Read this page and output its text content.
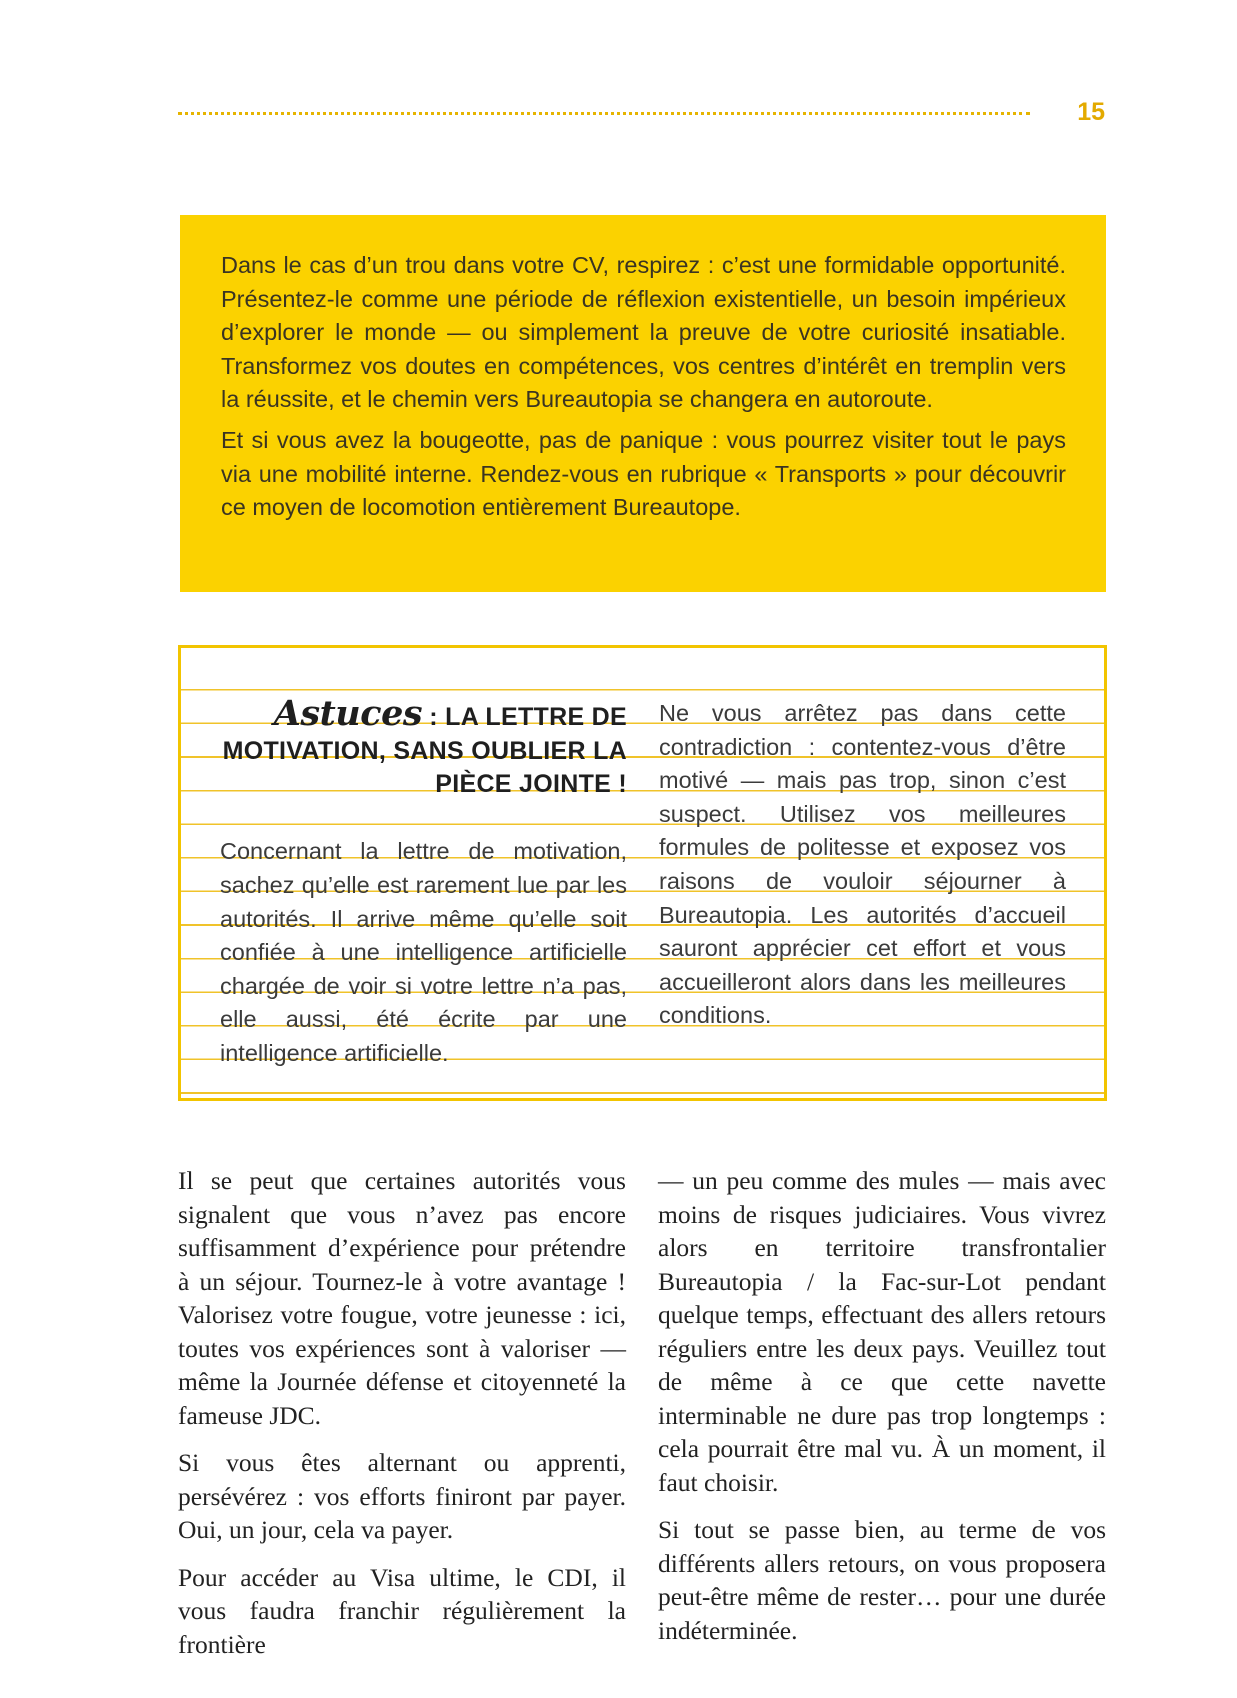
15

Dans le cas d’un trou dans votre CV, respirez : c’est une formidable opportunité. Présentez-le comme une période de réflexion existentielle, un besoin impérieux d’explorer le monde — ou simplement la preuve de votre curiosité insatiable. Transformez vos doutes en compétences, vos centres d’intérêt en tremplin vers la réussite, et le chemin vers Bureautopia se changera en autoroute.

Et si vous avez la bougeotte, pas de panique : vous pourrez visiter tout le pays via une mobilité interne. Rendez-vous en rubrique « Transports » pour découvrir ce moyen de locomotion entièrement Bureautope.

Astuces : LA LETTRE DE MOTIVATION, SANS OUBLIER LA PIÈCE JOINTE !

Concernant la lettre de motivation, sachez qu’elle est rarement lue par les autorités. Il arrive même qu’elle soit confiée à une intelligence artificielle chargée de voir si votre lettre n’a pas, elle aussi, été écrite par une intelligence artificielle.

Ne vous arrêtez pas dans cette contradiction : contentez-vous d’être motivé — mais pas trop, sinon c’est suspect. Utilisez vos meilleures formules de politesse et exposez vos raisons de vouloir séjourner à Bureautopia. Les autorités d’accueil sauront apprécier cet effort et vous accueilleront alors dans les meilleures conditions.

Il se peut que certaines autorités vous signalent que vous n’avez pas encore suffisamment d’expérience pour prétendre à un séjour. Tournez-le à votre avantage ! Valorisez votre fougue, votre jeunesse : ici, toutes vos expériences sont à valoriser — même la Journée défense et citoyenneté la fameuse JDC.

Si vous êtes alternant ou apprenti, persévérez : vos efforts finiront par payer. Oui, un jour, cela va payer.

Pour accéder au Visa ultime, le CDI, il vous faudra franchir régulièrement la frontière

— un peu comme des mules — mais avec moins de risques judiciaires. Vous vivrez alors en territoire transfrontalier Bureautopia / la Fac-sur-Lot pendant quelque temps, effectuant des allers retours réguliers entre les deux pays. Veuillez tout de même à ce que cette navette interminable ne dure pas trop longtemps : cela pourrait être mal vu. À un moment, il faut choisir.

Si tout se passe bien, au terme de vos différents allers retours, on vous proposera peut-être même de rester… pour une durée indéterminée.
